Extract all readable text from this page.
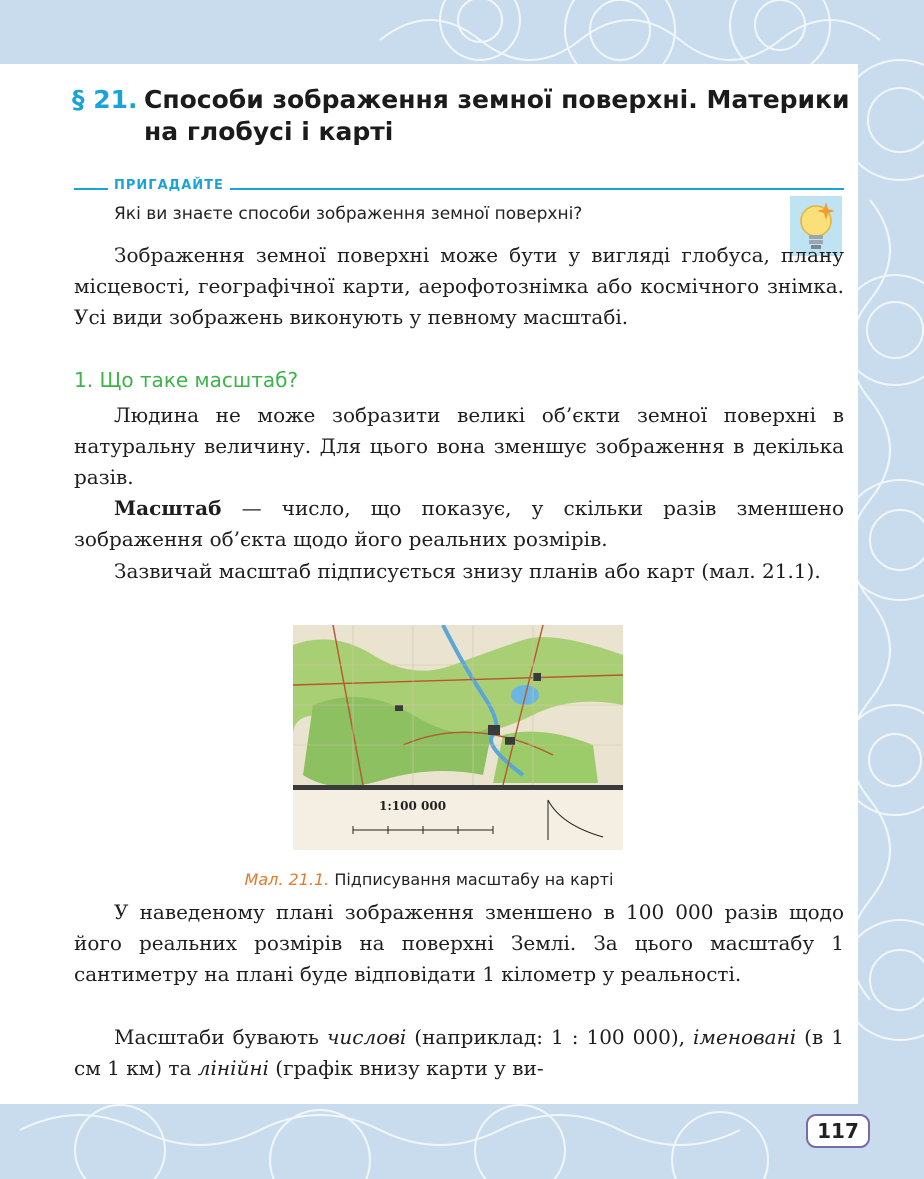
§ 21. Способи зображення земної поверхні. Материки на глобусі і карті
ПРИГАДАЙТЕ
Які ви знаєте способи зображення земної поверхні?
Зображення земної поверхні може бути у вигляді глобуса, плану місцевості, географічної карти, аерофотознімка або космічного знімка. Усі види зображень виконують у певному масштабі.
1. Що таке масштаб?
Людина не може зобразити великі об’єкти земної поверхні в натуральну величину. Для цього вона зменшує зображення в декілька разів.
Масштаб — число, що показує, у скільки разів зменшено зображення об’єкта щодо його реальних розмірів.
Зазвичай масштаб підписується знизу планів або карт (мал. 21.1).
1:100 000
Мал. 21.1. Підписування масштабу на карті
У наведеному плані зображення зменшено в 100 000 разів щодо його реальних розмірів на поверхні Землі. За цього масштабу 1 сантиметру на плані буде відповідати 1 кілометр у реальності.
Масштаби бувають числові (наприклад: 1 : 100 000), іменовані (в 1 см 1 км) та лінійні (графік внизу карти у ви-
117
